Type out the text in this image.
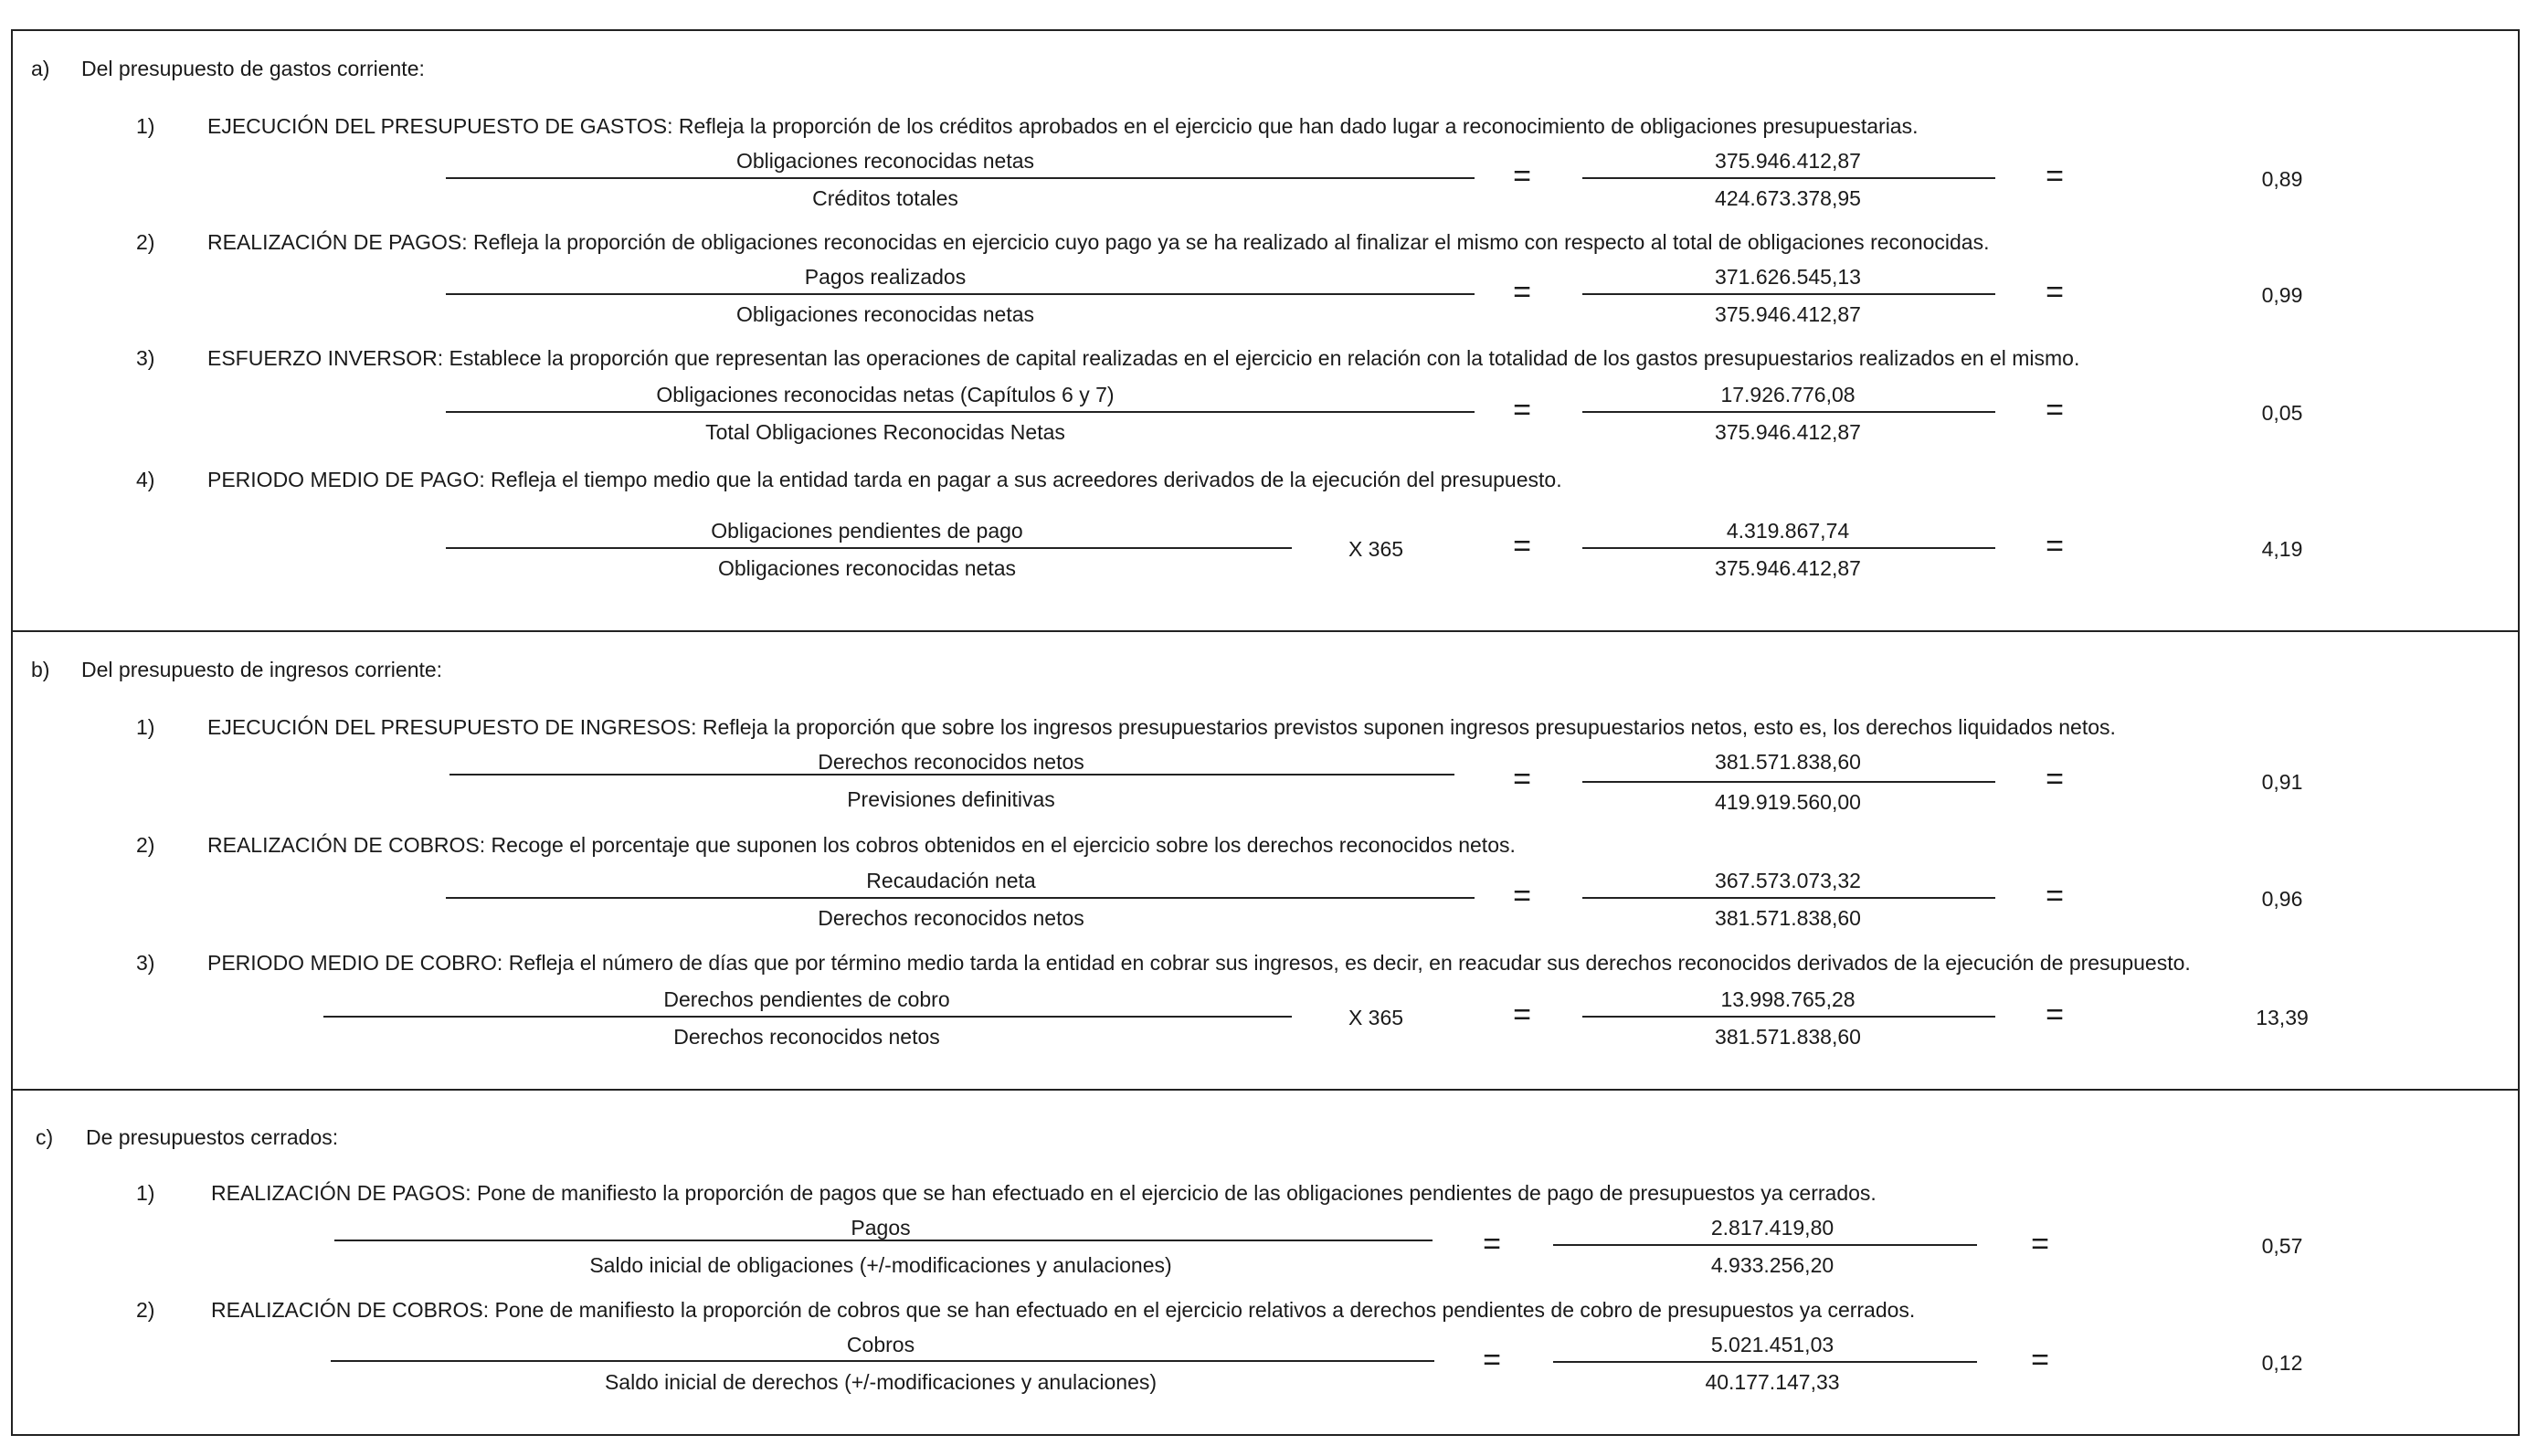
a) Del presupuesto de gastos corriente:
1)	EJECUCIÓN DEL PRESUPUESTO DE GASTOS: Refleja la proporción de los créditos aprobados en el ejercicio que han dado lugar a reconocimiento de obligaciones presupuestarias.
Obligaciones reconocidas netas
Créditos totales
=	375.946.412,87
424.673.378,95
=	0,89
2)	REALIZACIÓN DE PAGOS: Refleja la proporción de obligaciones reconocidas en ejercicio cuyo pago ya se ha realizado al finalizar el mismo con respecto al total de obligaciones reconocidas.
Pagos realizados
Obligaciones reconocidas netas
=	371.626.545,13
375.946.412,87
=	0,99
3)	ESFUERZO INVERSOR: Establece la proporción que representan las operaciones de capital realizadas en el ejercicio en relación con la totalidad de los gastos presupuestarios realizados en el mismo.
Obligaciones reconocidas netas (Capítulos 6 y 7)
Total Obligaciones Reconocidas Netas
=	17.926.776,08
375.946.412,87
=	0,05
4)	PERIODO MEDIO DE PAGO: Refleja el tiempo medio que la entidad tarda en pagar a sus acreedores derivados de la ejecución del presupuesto.
Obligaciones pendientes de pago
Obligaciones reconocidas netas
X 365	=	4.319.867,74
375.946.412,87
=	4,19
b) Del presupuesto de ingresos corriente:
1)	EJECUCIÓN DEL PRESUPUESTO DE INGRESOS: Refleja la proporción que sobre los ingresos presupuestarios previstos suponen ingresos presupuestarios netos, esto es, los derechos liquidados netos.
Derechos reconocidos netos
Previsiones definitivas
=	381.571.838,60
419.919.560,00
=	0,91
2)	REALIZACIÓN DE COBROS: Recoge el porcentaje que suponen los cobros obtenidos en el ejercicio sobre los derechos reconocidos netos.
Recaudación neta
Derechos reconocidos netos
=	367.573.073,32
381.571.838,60
=	0,96
3)	PERIODO MEDIO DE COBRO: Refleja el número de días que por término medio tarda la entidad en cobrar sus ingresos, es decir, en reacudar sus derechos reconocidos derivados de la ejecución de presupuesto.
Derechos pendientes de cobro
Derechos reconocidos netos
X 365	=	13.998.765,28
381.571.838,60
=	13,39
c) De presupuestos cerrados:
1)	REALIZACIÓN DE PAGOS: Pone de manifiesto la proporción de pagos que se han efectuado en el ejercicio de las obligaciones pendientes de pago de presupuestos ya cerrados.
Pagos
Saldo inicial de obligaciones (+/-modificaciones y anulaciones)
=	2.817.419,80
4.933.256,20
=	0,57
2)	REALIZACIÓN DE COBROS: Pone de manifiesto la proporción de cobros que se han efectuado en el ejercicio relativos a derechos pendientes de cobro de presupuestos ya cerrados.
Cobros
Saldo inicial de derechos (+/-modificaciones y anulaciones)
=	5.021.451,03
40.177.147,33
=	0,12
